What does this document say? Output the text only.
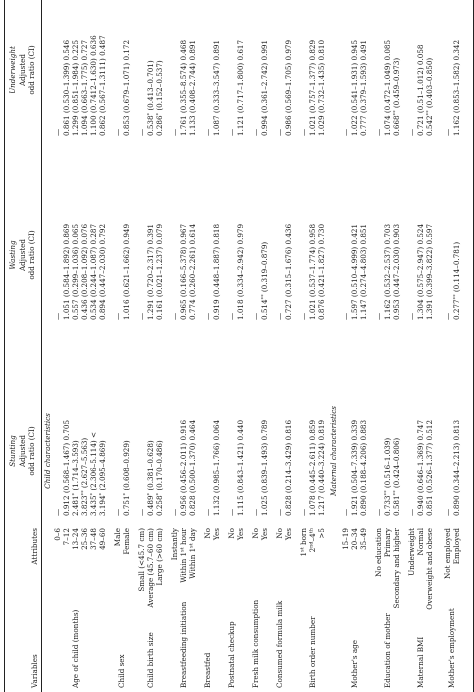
Variables
Attributes
Stunting Adjusted odd ratio (CI)
Wasting Adjusted odd ratio (CI)
Underweight Adjusted odd ratio (CI)
Child characteristics
0–6
—
—
—
7–12
0.912 (0.568–1.467) 0.705
1.051 (0.584–1.892) 0.869
0.861 (0.530–1.399) 0.546
Age of child (months)
13–24
2.481* (1.714–3.593)
0.557 (0.299–1.036) 0.065
1.299 (0.851–1.984) 0.225
25–36
3.823** (2.627–5.563)
0.436 (0.208–1.092) 0.076
1.094 (0.663–1.775) 0.727
37–48
3.435* (2.306–5.114) <
0.534 (0.244–1.087) 0.287
1.100 (0.7412–1.630) 0.636
49–60
3.194* (2.095–4.869)
0.894 (0.447–2.030) 0.792
0.862 (0.567–1.3111) 0.487
Child sex
Male
—
—
—
Female
0.751* (0.608–0.929)
1.016 (0.621–1.662) 0.949
0.853 (0.679–1.071) 0.172
Small (<45.7 cm)
—
—
—
Child birth size
Average (45.7–60 cm)
0.489* (0.381–0.628)
1.291 (0.720–2.317) 0.391
0.538* (0.413–0.701)
Large (>60 cm)
0.258* (0.170–0.486)
0.161 (0.021–1.237) 0.079
0.286* (0.152–0.537)
Instantly
—
—
—
Breastfeeding initiation
Within 1st hour
0.956 (0.456–2.011) 0.916
0.965 (0.166–5.378) 0.967
1.761 (0.355–8.574) 0.468
Within 1st day
0.828 (0.500–1.370) 0.464
0.774 (0.260–2.261) 0.614
1.133 (0.408–2.744) 0.891
Breastfed
No
—
—
—
Yes
1.132 (0.985–1.766) 0.064
0.919 (0.448–1.887) 0.818
1.087 (0.333–3.547) 0.891
Postnatal checkup
No
—
—
—
Yes
1.115 (0.843–1.421) 0.440
1.018 (0.334–2.942) 0.979
1.121 (0.717–1.800) 0.617
Fresh milk consumption
No
—
—
—
Yes
1.025 (0.839–1.493) 0.789
0.514** (0.319–0.879)
0.994 (0.361–2.742) 0.991
Consumed formula milk
No
—
—
—
Yes
0.828 (0.214–3.429) 0.816
0.727 (0.315–1.676) 0.436
0.986 (0.569–1.705) 0.979
1st born
—
—
—
Birth order number
2nd–4th
1.078 (0.445–2.611) 0.859
1.021 (0.537–1.774) 0.958
1.021 (0.757–1.377) 0.829
>5
1.217 (0.440–3.224) 0.819
0.876 (0.421–1.827) 0.730
1.029 (0.732–1.435) 0.810
15–19
—
—
—
Mother's age
20–34
1.921 (0.504–7.339) 0.339
1.597 (0.510–4.999) 0.421
1.022 (0.541–1.931) 0.945
35–49
0.890 (0.188–4.206) 0.883
1.147 (0.274–4.803) 0.851
0.777 (0.379–1.593) 0.491
No education
—
—
—
Education of mother
Primary
0.733** (0.516–1.039)
1.162 (0.532–2.537) 0.703
1.074 (0.472–1.049) 0.085
Secondary and higher
0.581** (0.424–0.806)
0.953 (0.447–2.030) 0.903
0.668** (0.459–0.973)
Underweight
—
—
—
Maternal BMI
Normal
0.940 (0.646–1.369) 0.747
1.304 (0.575–2.947) 0.524
0.721 (0.51–1.012) 0.058
Overweight and obese
0.851 (0.526–1.377) 0.512
1.391 (0.399–3.822) 0.597
0.542** (0.403–0.850)
Mother's employment
Not employed
—
—
—
Employed
0.890 (0.344–2.213) 0.813
0.277** (0.114–0.781)
1.162 (0.853–1.582) 0.342
Maternal characteristics
